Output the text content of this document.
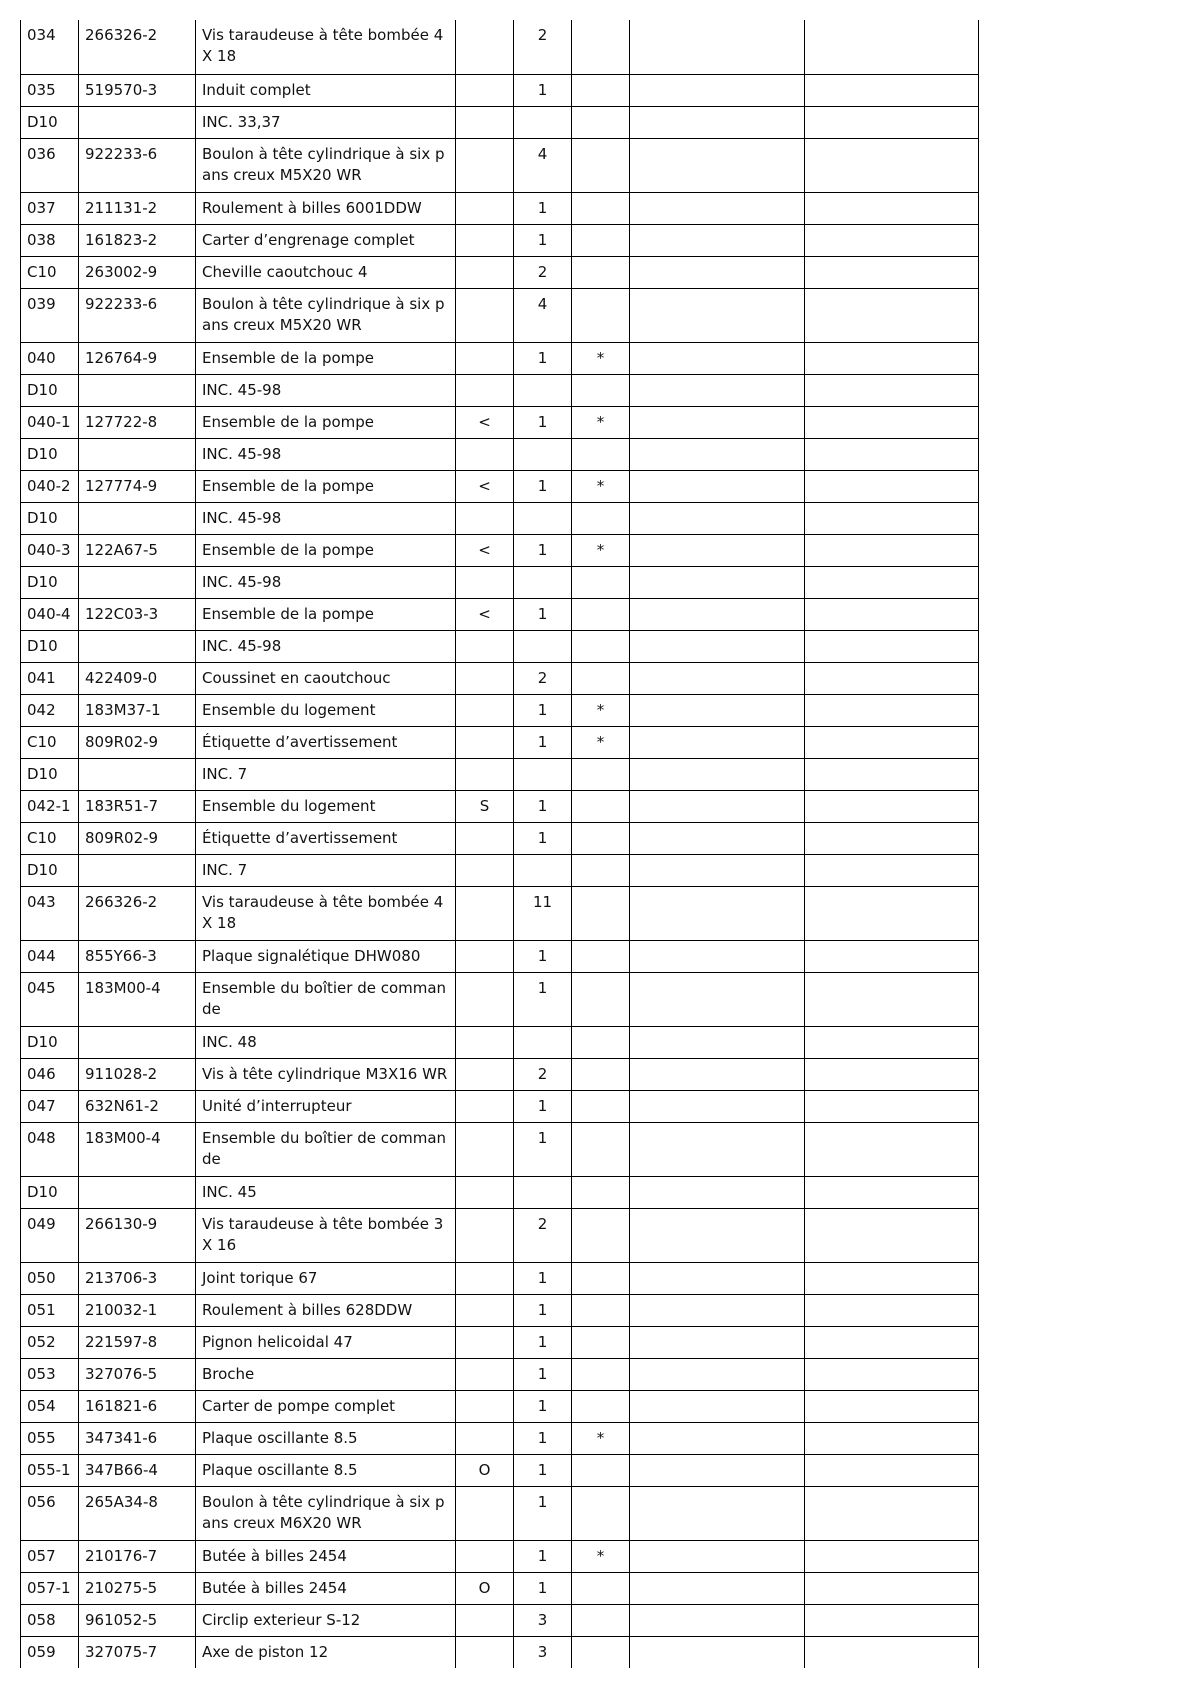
034	266326-2	Vis taraudeuse à tête bombée 4X 18		2			
035	519570-3	Induit complet		1			
D10		INC. 33,37					
036	922233-6	Boulon à tête cylindrique à six pans creux M5X20 WR		4			
037	211131-2	Roulement à billes 6001DDW		1			
038	161823-2	Carter d’engrenage complet		1			
C10	263002-9	Cheville caoutchouc 4		2			
039	922233-6	Boulon à tête cylindrique à six pans creux M5X20 WR		4			
040	126764-9	Ensemble de la pompe		1	*		
D10		INC. 45-98					
040-1	127722-8	Ensemble de la pompe	<	1	*		
D10		INC. 45-98					
040-2	127774-9	Ensemble de la pompe	<	1	*		
D10		INC. 45-98					
040-3	122A67-5	Ensemble de la pompe	<	1	*		
D10		INC. 45-98					
040-4	122C03-3	Ensemble de la pompe	<	1			
D10		INC. 45-98					
041	422409-0	Coussinet en caoutchouc		2			
042	183M37-1	Ensemble du logement		1	*		
C10	809R02-9	Étiquette d’avertissement		1	*		
D10		INC. 7					
042-1	183R51-7	Ensemble du logement	S	1			
C10	809R02-9	Étiquette d’avertissement		1			
D10		INC. 7					
043	266326-2	Vis taraudeuse à tête bombée 4X 18		11			
044	855Y66-3	Plaque signalétique DHW080		1			
045	183M00-4	Ensemble du boîtier de commande		1			
D10		INC. 48					
046	911028-2	Vis à tête cylindrique M3X16 WR		2			
047	632N61-2	Unité d’interrupteur		1			
048	183M00-4	Ensemble du boîtier de commande		1			
D10		INC. 45					
049	266130-9	Vis taraudeuse à tête bombée 3X 16		2			
050	213706-3	Joint torique 67		1			
051	210032-1	Roulement à billes 628DDW		1			
052	221597-8	Pignon helicoidal 47		1			
053	327076-5	Broche		1			
054	161821-6	Carter de pompe complet		1			
055	347341-6	Plaque oscillante 8.5		1	*		
055-1	347B66-4	Plaque oscillante 8.5	O	1			
056	265A34-8	Boulon à tête cylindrique à six pans creux M6X20 WR		1			
057	210176-7	Butée à billes 2454		1	*		
057-1	210275-5	Butée à billes 2454	O	1			
058	961052-5	Circlip exterieur S-12		3			
059	327075-7	Axe de piston 12		3			
